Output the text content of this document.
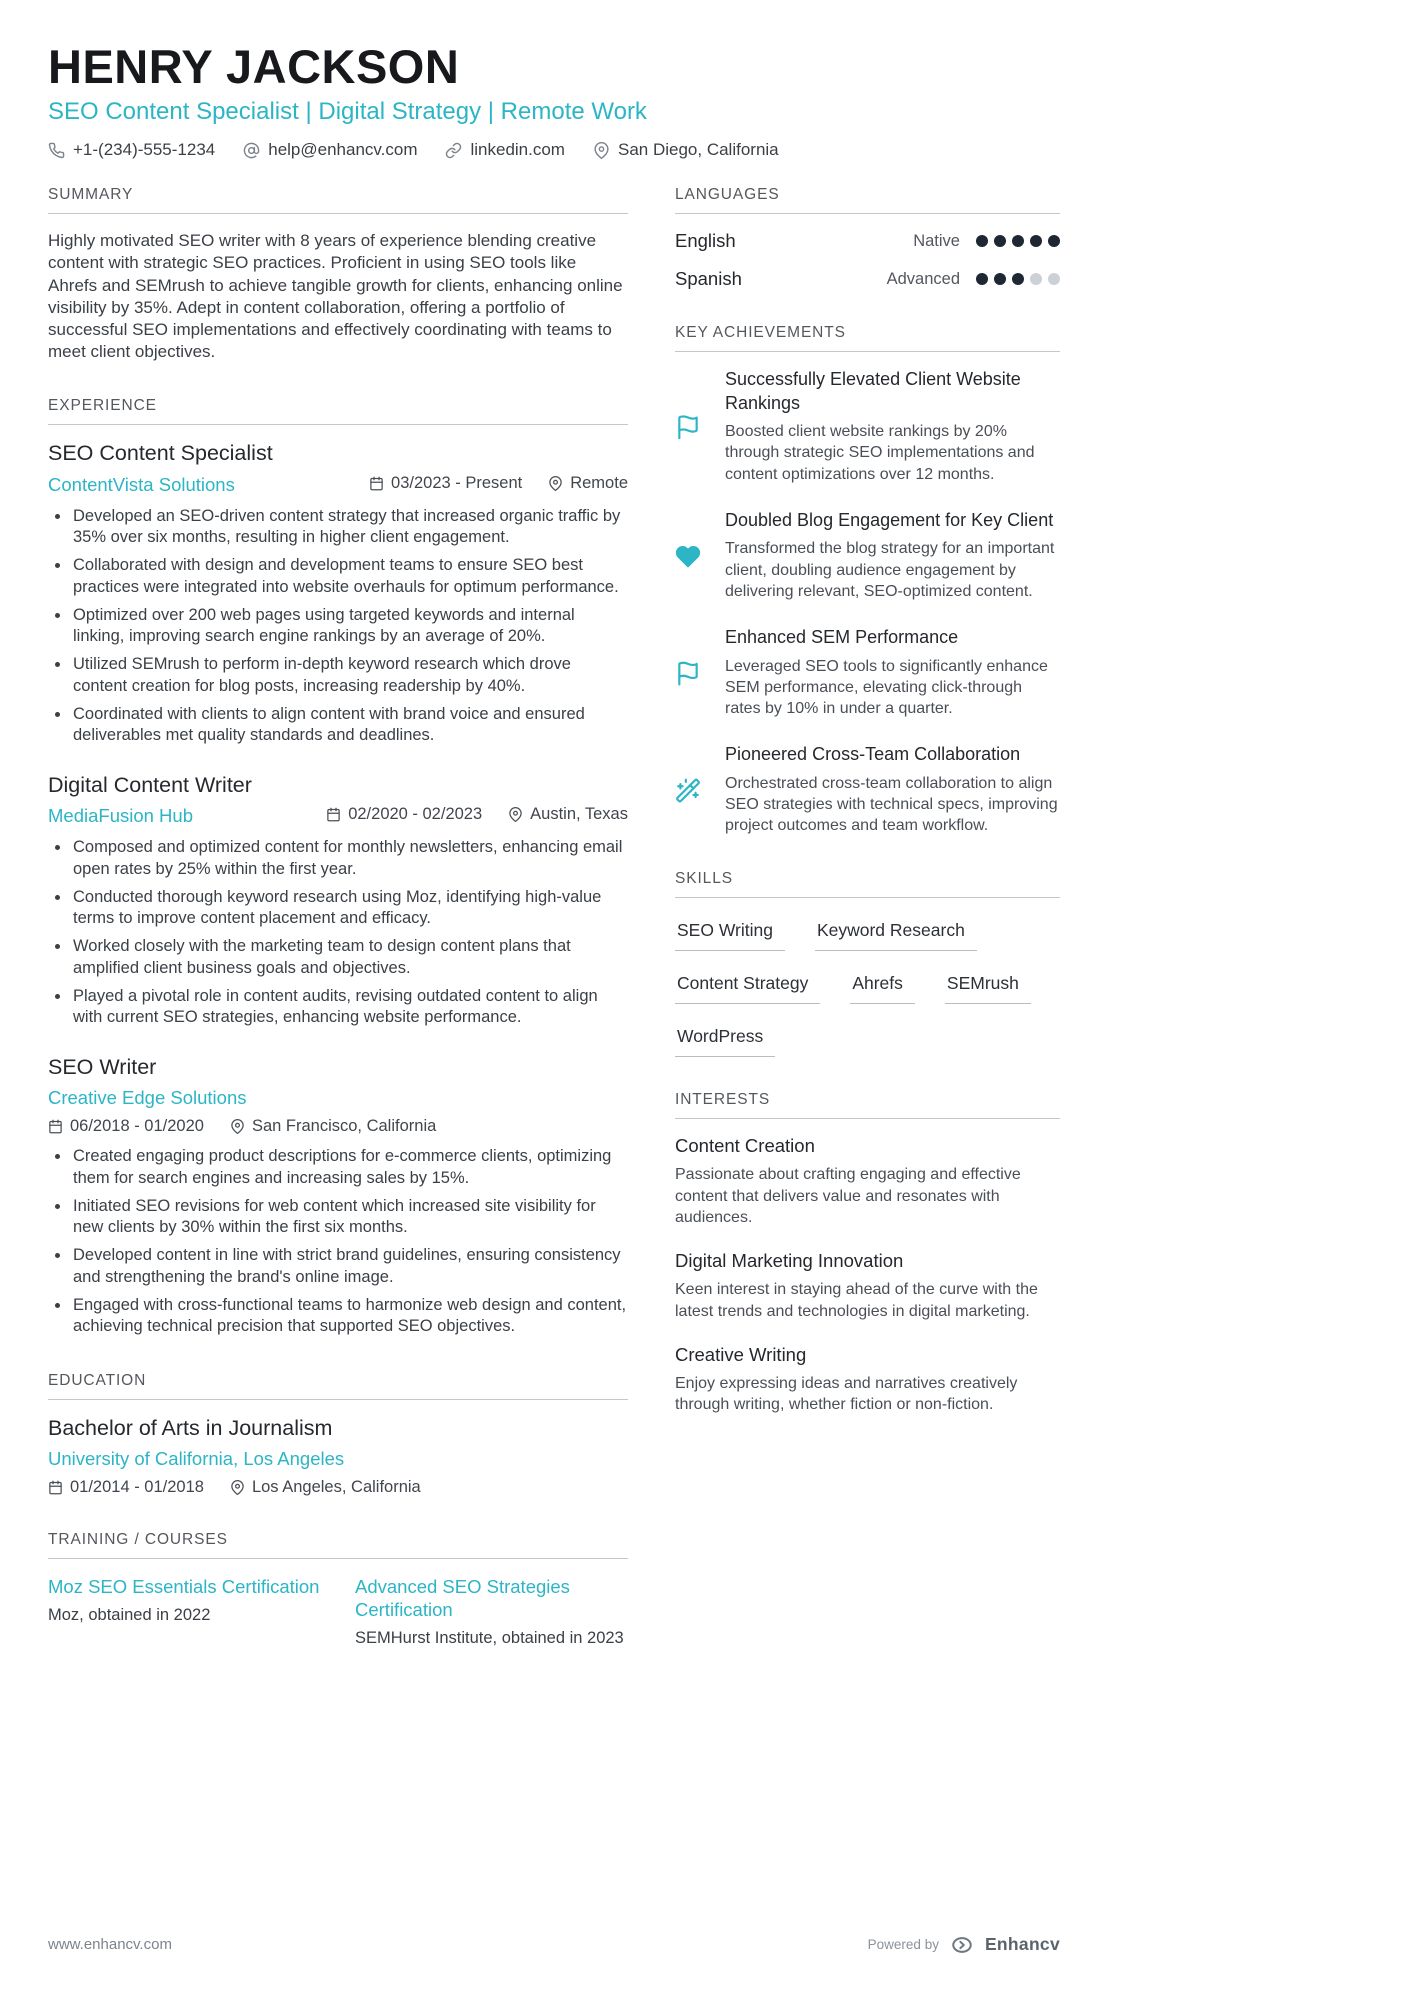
HENRY JACKSON
SEO Content Specialist | Digital Strategy | Remote Work
+1-(234)-555-1234	help@enhancv.com	linkedin.com	San Diego, California
SUMMARY

Highly motivated SEO writer with 8 years of experience blending creative content with strategic SEO practices. Proficient in using SEO tools like Ahrefs and SEMrush to achieve tangible growth for clients, enhancing online visibility by 35%. Adept in content collaboration, offering a portfolio of successful SEO implementations and effectively coordinating with teams to meet client objectives.

EXPERIENCE
SEO Content Specialist
ContentVista Solutions	03/2023 - Present	Remote
• Developed an SEO-driven content strategy that increased organic traffic by 35% over six months, resulting in higher client engagement.
• Collaborated with design and development teams to ensure SEO best practices were integrated into website overhauls for optimum performance.
• Optimized over 200 web pages using targeted keywords and internal linking, improving search engine rankings by an average of 20%.
• Utilized SEMrush to perform in-depth keyword research which drove content creation for blog posts, increasing readership by 40%.
• Coordinated with clients to align content with brand voice and ensured deliverables met quality standards and deadlines.
Digital Content Writer
MediaFusion Hub	02/2020 - 02/2023	Austin, Texas
• Composed and optimized content for monthly newsletters, enhancing email open rates by 25% within the first year.
• Conducted thorough keyword research using Moz, identifying high-value terms to improve content placement and efficacy.
• Worked closely with the marketing team to design content plans that amplified client business goals and objectives.
• Played a pivotal role in content audits, revising outdated content to align with current SEO strategies, enhancing website performance.
SEO Writer
Creative Edge Solutions
06/2018 - 01/2020	San Francisco, California
• Created engaging product descriptions for e-commerce clients, optimizing them for search engines and increasing sales by 15%.
• Initiated SEO revisions for web content which increased site visibility for new clients by 30% within the first six months.
• Developed content in line with strict brand guidelines, ensuring consistency and strengthening the brand's online image.
• Engaged with cross-functional teams to harmonize web design and content, achieving technical precision that supported SEO objectives.
EDUCATION
Bachelor of Arts in Journalism
University of California, Los Angeles
01/2014 - 01/2018	Los Angeles, California
TRAINING / COURSES
Moz SEO Essentials Certification
Moz, obtained in 2022
Advanced SEO Strategies Certification
SEMHurst Institute, obtained in 2023
LANGUAGES
English	Native
Spanish	Advanced
KEY ACHIEVEMENTS
Successfully Elevated Client Website Rankings
Boosted client website rankings by 20% through strategic SEO implementations and content optimizations over 12 months.
Doubled Blog Engagement for Key Client
Transformed the blog strategy for an important client, doubling audience engagement by delivering relevant, SEO-optimized content.
Enhanced SEM Performance
Leveraged SEO tools to significantly enhance SEM performance, elevating click-through rates by 10% in under a quarter.
Pioneered Cross-Team Collaboration
Orchestrated cross-team collaboration to align SEO strategies with technical specs, improving project outcomes and team workflow.
SKILLS
SEO Writing	Keyword Research
Content Strategy	Ahrefs	SEMrush
WordPress
INTERESTS
Content Creation
Passionate about crafting engaging and effective content that delivers value and resonates with audiences.
Digital Marketing Innovation
Keen interest in staying ahead of the curve with the latest trends and technologies in digital marketing.
Creative Writing
Enjoy expressing ideas and narratives creatively through writing, whether fiction or non-fiction.
www.enhancv.com	Powered by	Enhancv
